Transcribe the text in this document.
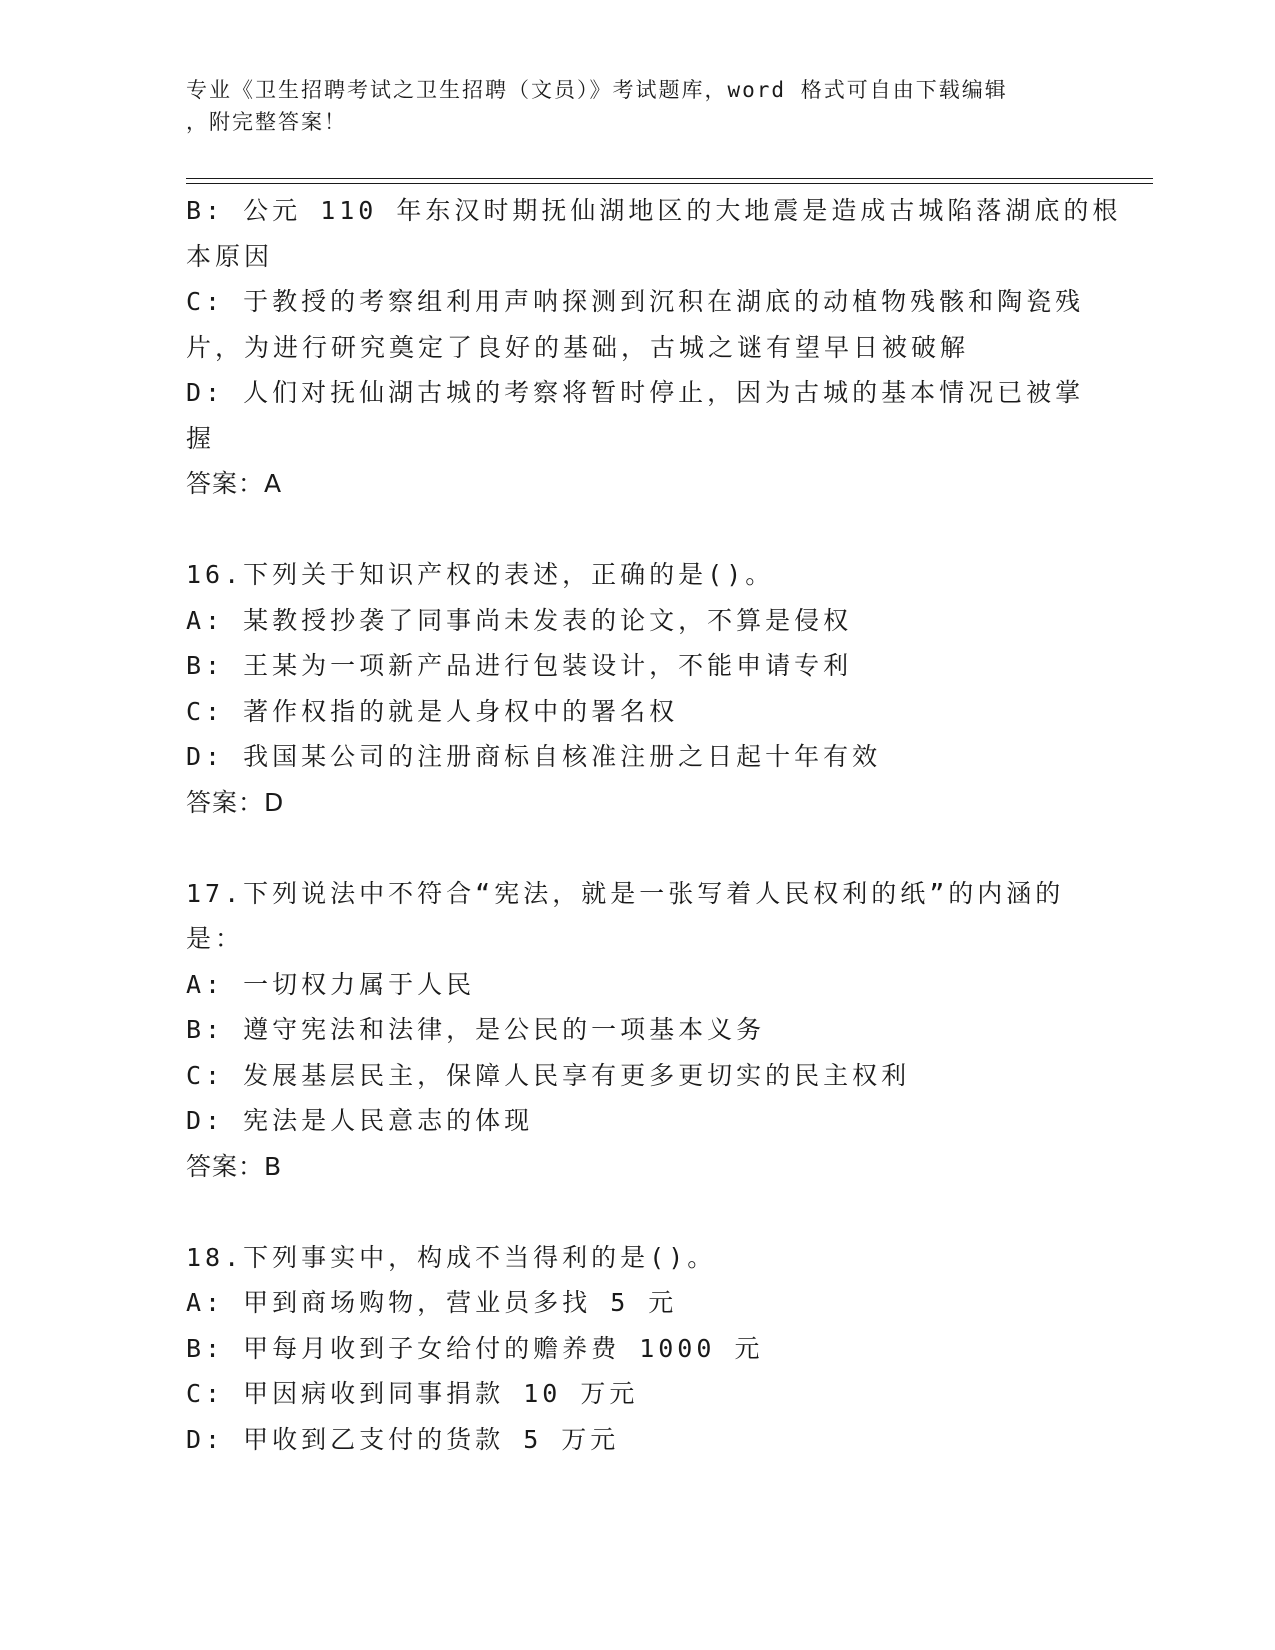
专业《卫生招聘考试之卫生招聘（文员）》考试题库，word 格式可自由下载编辑
，附完整答案！
B: 公元 110 年东汉时期抚仙湖地区的大地震是造成古城陷落湖底的根
本原因
C: 于教授的考察组利用声呐探测到沉积在湖底的动植物残骸和陶瓷残
片，为进行研究奠定了良好的基础，古城之谜有望早日被破解
D: 人们对抚仙湖古城的考察将暂时停止，因为古城的基本情况已被掌
握
答案：A
16.下列关于知识产权的表述，正确的是()。
A: 某教授抄袭了同事尚未发表的论文，不算是侵权
B: 王某为一项新产品进行包装设计，不能申请专利
C: 著作权指的就是人身权中的署名权
D: 我国某公司的注册商标自核准注册之日起十年有效
答案：D
17.下列说法中不符合“宪法，就是一张写着人民权利的纸”的内涵的
是：
A: 一切权力属于人民
B: 遵守宪法和法律，是公民的一项基本义务
C: 发展基层民主，保障人民享有更多更切实的民主权利
D: 宪法是人民意志的体现
答案：B
18.下列事实中，构成不当得利的是()。
A: 甲到商场购物，营业员多找 5 元
B: 甲每月收到子女给付的赡养费 1000 元
C: 甲因病收到同事捐款 10 万元
D: 甲收到乙支付的货款 5 万元
